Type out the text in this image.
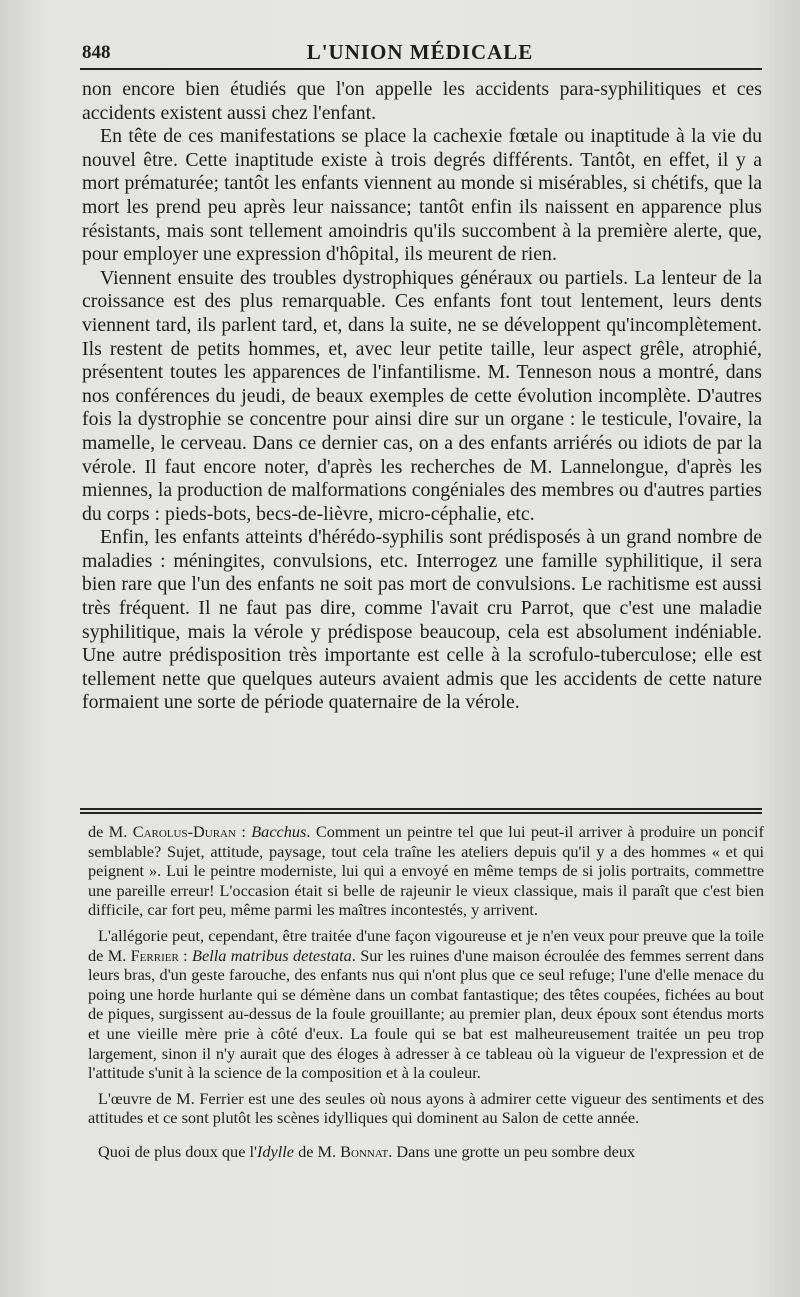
848	L'UNION MÉDICALE

non encore bien étudiés que l'on appelle les accidents para-syphilitiques et ces accidents existent aussi chez l'enfant.

En tête de ces manifestations se place la cachexie fœtale ou inaptitude à la vie du nouvel être. Cette inaptitude existe à trois degrés différents. Tantôt, en effet, il y a mort prématurée; tantôt les enfants viennent au monde si misérables, si chétifs, que la mort les prend peu après leur naissance; tantôt enfin ils naissent en apparence plus résistants, mais sont tellement amoindris qu'ils succombent à la première alerte, que, pour employer une expression d'hôpital, ils meurent de rien.

Viennent ensuite des troubles dystrophiques généraux ou partiels. La lenteur de la croissance est des plus remarquable. Ces enfants font tout lentement, leurs dents viennent tard, ils parlent tard, et, dans la suite, ne se développent qu'incomplètement. Ils restent de petits hommes, et, avec leur petite taille, leur aspect grêle, atrophié, présentent toutes les apparences de l'infantilisme. M. Tenneson nous a montré, dans nos conférences du jeudi, de beaux exemples de cette évolution incomplète. D'autres fois la dystrophie se concentre pour ainsi dire sur un organe : le testicule, l'ovaire, la mamelle, le cerveau. Dans ce dernier cas, on a des enfants arriérés ou idiots de par la vérole. Il faut encore noter, d'après les recherches de M. Lannelongue, d'après les miennes, la production de malformations congéniales des membres ou d'autres parties du corps : pieds-bots, becs-de-lièvre, micro-céphalie, etc.

Enfin, les enfants atteints d'hérédo-syphilis sont prédisposés à un grand nombre de maladies : méningites, convulsions, etc. Interrogez une famille syphilitique, il sera bien rare que l'un des enfants ne soit pas mort de convulsions. Le rachitisme est aussi très fréquent. Il ne faut pas dire, comme l'avait cru Parrot, que c'est une maladie syphilitique, mais la vérole y prédispose beaucoup, cela est absolument indéniable. Une autre prédisposition très importante est celle à la scrofulo-tuberculose; elle est tellement nette que quelques auteurs avaient admis que les accidents de cette nature formaient une sorte de période quaternaire de la vérole.

de M. Carolus-Duran : Bacchus. Comment un peintre tel que lui peut-il arriver à produire un poncif semblable? Sujet, attitude, paysage, tout cela traîne les ateliers depuis qu'il y a des hommes « et qui peignent ». Lui le peintre moderniste, lui qui a envoyé en même temps de si jolis portraits, commettre une pareille erreur! L'occasion était si belle de rajeunir le vieux classique, mais il paraît que c'est bien difficile, car fort peu, même parmi les maîtres incontestés, y arrivent.

L'allégorie peut, cependant, être traitée d'une façon vigoureuse et je n'en veux pour preuve que la toile de M. Ferrier : Bella matribus detestata. Sur les ruines d'une maison écroulée des femmes serrent dans leurs bras, d'un geste farouche, des enfants nus qui n'ont plus que ce seul refuge; l'une d'elle menace du poing une horde hurlante qui se démène dans un combat fantastique; des têtes coupées, fichées au bout de piques, surgissent au-dessus de la foule grouillante; au premier plan, deux époux sont étendus morts et une vieille mère prie à côté d'eux. La foule qui se bat est malheureusement traitée un peu trop largement, sinon il n'y aurait que des éloges à adresser à ce tableau où la vigueur de l'expression et de l'attitude s'unit à la science de la composition et à la couleur.

L'œuvre de M. Ferrier est une des seules où nous ayons à admirer cette vigueur des sentiments et des attitudes et ce sont plutôt les scènes idylliques qui dominent au Salon de cette année.

Quoi de plus doux que l'Idylle de M. Bonnat. Dans une grotte un peu sombre deux
